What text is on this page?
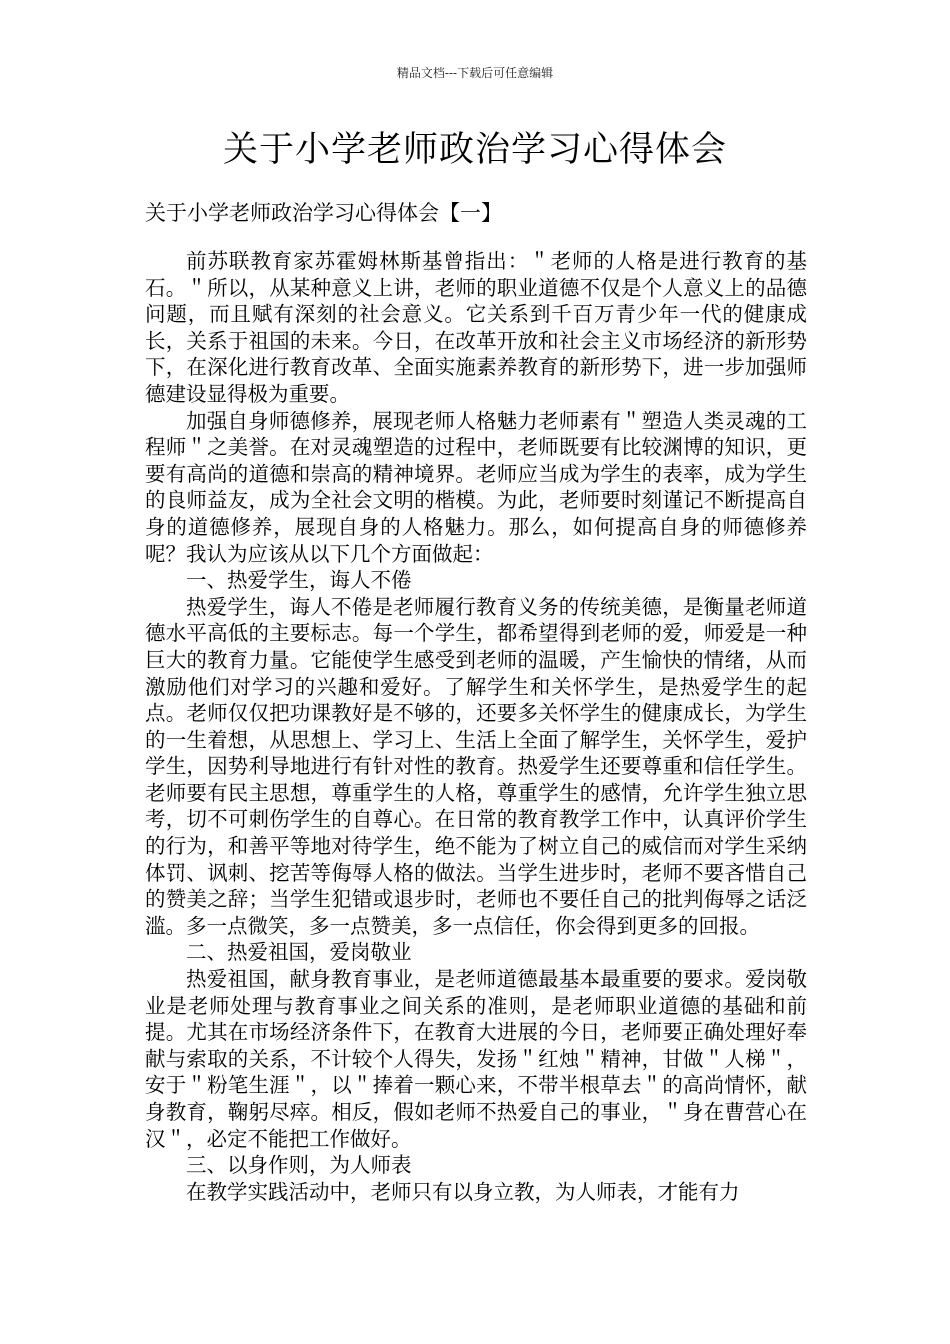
精品文档---下载后可任意编辑
关于小学老师政治学习心得体会
关于小学老师政治学习心得体会【一】

前苏联教育家苏霍姆林斯基曾指出：＂老师的人格是进行教育的基石。＂所以，从某种意义上讲，老师的职业道德不仅是个人意义上的品德问题，而且赋有深刻的社会意义。它关系到千百万青少年一代的健康成长，关系于祖国的未来。今日，在改革开放和社会主义市场经济的新形势下，在深化进行教育改革、全面实施素养教育的新形势下，进一步加强师德建设显得极为重要。

加强自身师德修养，展现老师人格魅力老师素有＂塑造人类灵魂的工程师＂之美誉。在对灵魂塑造的过程中，老师既要有比较渊博的知识，更要有高尚的道德和崇高的精神境界。老师应当成为学生的表率，成为学生的良师益友，成为全社会文明的楷模。为此，老师要时刻谨记不断提高自身的道德修养，展现自身的人格魅力。那么，如何提高自身的师德修养呢？我认为应该从以下几个方面做起：

一、热爱学生，诲人不倦

热爱学生，诲人不倦是老师履行教育义务的传统美德，是衡量老师道德水平高低的主要标志。每一个学生，都希望得到老师的爱，师爱是一种巨大的教育力量。它能使学生感受到老师的温暖，产生愉快的情绪，从而激励他们对学习的兴趣和爱好。了解学生和关怀学生，是热爱学生的起点。老师仅仅把功课教好是不够的，还要多关怀学生的健康成长，为学生的一生着想，从思想上、学习上、生活上全面了解学生，关怀学生，爱护学生，因势利导地进行有针对性的教育。热爱学生还要尊重和信任学生。老师要有民主思想，尊重学生的人格，尊重学生的感情，允许学生独立思考，切不可刺伤学生的自尊心。在日常的教育教学工作中，认真评价学生的行为，和善平等地对待学生，绝不能为了树立自己的威信而对学生采纳体罚、讽刺、挖苦等侮辱人格的做法。当学生进步时，老师不要吝惜自己的赞美之辞；当学生犯错或退步时，老师也不要任自己的批判侮辱之话泛滥。多一点微笑，多一点赞美，多一点信任，你会得到更多的回报。

二、热爱祖国，爱岗敬业

热爱祖国，献身教育事业，是老师道德最基本最重要的要求。爱岗敬业是老师处理与教育事业之间关系的准则，是老师职业道德的基础和前提。尤其在市场经济条件下，在教育大进展的今日，老师要正确处理好奉献与索取的关系，不计较个人得失，发扬＂红烛＂精神，甘做＂人梯＂，安于＂粉笔生涯＂，以＂捧着一颗心来，不带半根草去＂的高尚情怀，献身教育，鞠躬尽瘁。相反，假如老师不热爱自己的事业，＂身在曹营心在汉＂，必定不能把工作做好。

三、以身作则，为人师表

在教学实践活动中，老师只有以身立教，为人师表，才能有力
